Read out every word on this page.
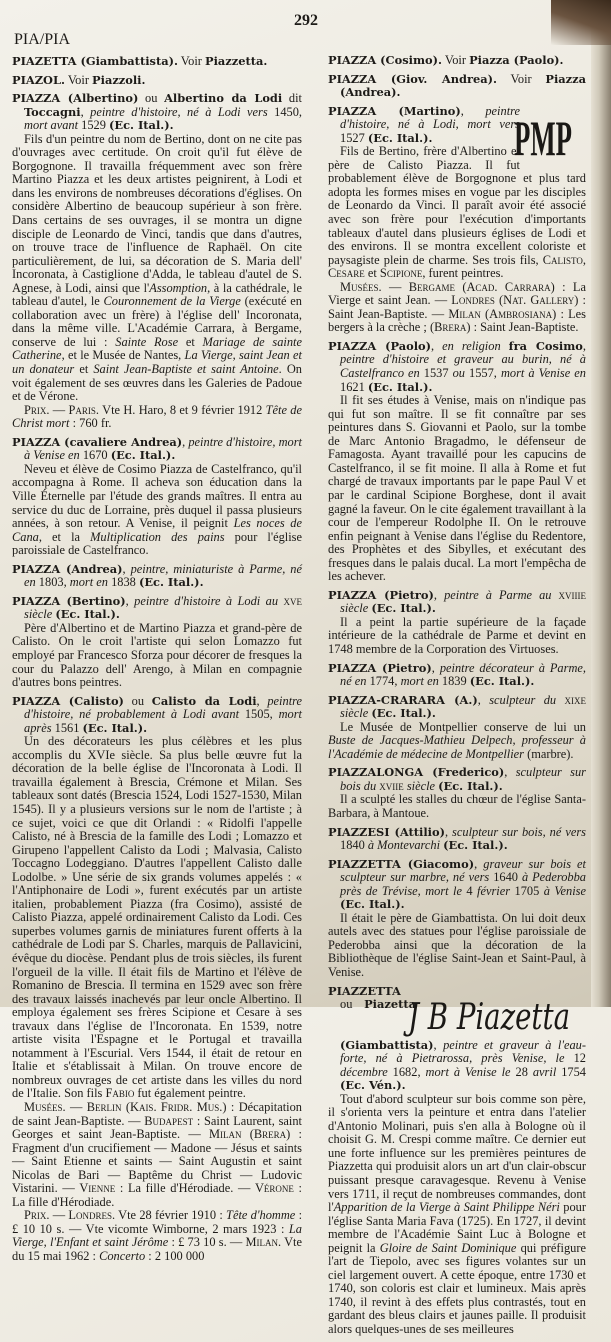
292
PIA/PIA

PIAZETTA (Giambattista). Voir Piazzetta.

PIAZOL. Voir Piazzoli.

PIAZZA (Albertino) ou Albertino da Lodi dit Toccagni, peintre d'histoire, né à Lodi vers 1450, mort avant 1529 (Ec. Ital.).

Fils d'un peintre du nom de Bertino, dont on ne cite pas d'ouvrages avec certitude. On croit qu'il fut élève de Borgognone. Il travailla fréquemment avec son frère Martino Piazza et les deux artistes peignirent, à Lodi et dans les environs de nombreuses décorations d'églises. On considère Albertino de beaucoup supérieur à son frère. Dans certains de ses ouvrages, il se montra un digne disciple de Leonardo de Vinci, tandis que dans d'autres, on trouve trace de l'influence de Raphaël. On cite particulièrement, de lui, sa décoration de S. Maria dell' Incoronata, à Castiglione d'Adda, le tableau d'autel de S. Agnese, à Lodi, ainsi que l'Assomption, à la cathédrale, le tableau d'autel, le Couronnement de la Vierge (exécuté en collaboration avec un frère) à l'église dell' Incoronata, dans la même ville. L'Académie Carrara, à Bergame, conserve de lui : Sainte Rose et Mariage de sainte Catherine, et le Musée de Nantes, La Vierge, saint Jean et un donateur et Saint Jean-Baptiste et saint Antoine. On voit également de ses œuvres dans les Galeries de Padoue et de Vérone.

Prix. — Paris. Vte H. Haro, 8 et 9 février 1912 Tête de Christ mort : 760 fr.

PIAZZA (cavaliere Andrea), peintre d'histoire, mort à Venise en 1670 (Ec. Ital.).

Neveu et élève de Cosimo Piazza de Castelfranco, qu'il accompagna à Rome. Il acheva son éducation dans la Ville Éternelle par l'étude des grands maîtres. Il entra au service du duc de Lorraine, près duquel il passa plusieurs années, à son retour. A Venise, il peignit Les noces de Cana, et la Multiplication des pains pour l'église paroissiale de Castelfranco.

PIAZZA (Andrea), peintre, miniaturiste à Parme, né en 1803, mort en 1838 (Ec. Ital.).

PIAZZA (Bertino), peintre d'histoire à Lodi au xve siècle (Ec. Ital.).

Père d'Albertino et de Martino Piazza et grand-père de Calisto. On le croit l'artiste qui selon Lomazzo fut employé par Francesco Sforza pour décorer de fresques la cour du Palazzo dell' Arengo, à Milan en compagnie d'autres bons peintres.

PIAZZA (Calisto) ou Calisto da Lodi, peintre d'histoire, né probablement à Lodi avant 1505, mort après 1561 (Ec. Ital.).

Un des décorateurs les plus célèbres et les plus accomplis du XVIe siècle. Sa plus belle œuvre fut la décoration de la belle église de l'Incoronata à Lodi. Il travailla également à Brescia, Crémone et Milan. Ses tableaux sont datés (Brescia 1524, Lodi 1527-1530, Milan 1545). Il y a plusieurs versions sur le nom de l'artiste ; à ce sujet, voici ce que dit Orlandi : « Ridolfi l'appelle Calisto, né à Brescia de la famille des Lodi ; Lomazzo et Girupeno l'appellent Calisto da Lodi ; Malvasia, Calisto Toccagno Lodeggiano. D'autres l'appellent Calisto dalle Lodolbe. » Une série de six grands volumes appelés : « l'Antiphonaire de Lodi », furent exécutés par un artiste italien, probablement Piazza (fra Cosimo), assisté de Calisto Piazza, appelé ordinairement Calisto da Lodi. Ces superbes volumes garnis de miniatures furent offerts à la cathédrale de Lodi par S. Charles, marquis de Pallavicini, évêque du diocèse. Pendant plus de trois siècles, ils furent l'orgueil de la ville. Il était fils de Martino et l'élève de Romanino de Brescia. Il termina en 1529 avec son frère des travaux laissés inachevés par leur oncle Albertino. Il employa également ses frères Scipione et Cesare à ses travaux dans l'église de l'Incoronata. En 1539, notre artiste visita l'Espagne et le Portugal et travailla notamment à l'Escurial. Vers 1544, il était de retour en Italie et s'établissait à Milan. On trouve encore de nombreux ouvrages de cet artiste dans les villes du nord de l'Italie. Son fils Fabio fut également peintre.

Musées. — Berlin (Kais. Fridr. Mus.) : Décapitation de saint Jean-Baptiste. — Budapest : Saint Laurent, saint Georges et saint Jean-Baptiste. — Milan (Brera) : Fragment d'un crucifiement — Madone — Jésus et saints — Saint Etienne et saints — Saint Augustin et saint Nicolas de Bari — Baptême du Christ — Ludovic Vistarini. — Vienne : La fille d'Hérodiade. — Vérone : La fille d'Hérodiade.

Prix. — Londres. Vte 28 février 1910 : Tête d'homme : £ 10 10 s. — Vte vicomte Wimborne, 2 mars 1923 : La Vierge, l'Enfant et saint Jérôme : £ 73 10 s. — Milan. Vte du 15 mai 1962 : Concerto : 2 100 000

PIAZZA (Cosimo). Voir Piazza (Paolo).

PIAZZA (Giov. Andrea). Voir Piazza (Andrea).

PMP
PIAZZA (Martino), peintre d'histoire, né à Lodi, mort vers 1527 (Ec. Ital.).

Fils de Bertino, frère d'Albertino et père de Calisto Piazza. Il fut probablement élève de Borgognone et plus tard adopta les formes mises en vogue par les disciples de Leonardo da Vinci. Il paraît avoir été associé avec son frère pour l'exécution d'importants tableaux d'autel dans plusieurs églises de Lodi et des environs. Il se montra excellent coloriste et paysagiste plein de charme. Ses trois fils, Calisto, Cesare et Scipione, furent peintres.

Musées. — Bergame (Acad. Carrara) : La Vierge et saint Jean. — Londres (Nat. Gallery) : Saint Jean-Baptiste. — Milan (Ambrosiana) : Les bergers à la crèche ; (Brera) : Saint Jean-Baptiste.

PIAZZA (Paolo), en religion fra Cosimo, peintre d'histoire et graveur au burin, né à Castelfranco en 1537 ou 1557, mort à Venise en 1621 (Ec. Ital.).

Il fit ses études à Venise, mais on n'indique pas qui fut son maître. Il se fit connaître par ses peintures dans S. Giovanni et Paolo, sur la tombe de Marc Antonio Bragadmo, le défenseur de Famagosta. Ayant travaillé pour les capucins de Castelfranco, il se fit moine. Il alla à Rome et fut chargé de travaux importants par le pape Paul V et par le cardinal Scipione Borghese, dont il avait gagné la faveur. On le cite également travaillant à la cour de l'empereur Rodolphe II. On le retrouve enfin peignant à Venise dans l'église du Redentore, des Prophètes et des Sibylles, et exécutant des fresques dans le palais ducal. La mort l'empêcha de les achever.

PIAZZA (Pietro), peintre à Parme au xviiie siècle (Ec. Ital.).

Il a peint la partie supérieure de la façade intérieure de la cathédrale de Parme et devint en 1748 membre de la Corporation des Virtuoses.

PIAZZA (Pietro), peintre décorateur à Parme, né en 1774, mort en 1839 (Ec. Ital.).

PIAZZA-CRARARA (A.), sculpteur du xixe siècle (Ec. Ital.).

Le Musée de Montpellier conserve de lui un Buste de Jacques-Mathieu Delpech, professeur à l'Académie de médecine de Montpellier (marbre).

PIAZZALONGA (Frederico), sculpteur sur bois du xviie siècle (Ec. Ital.).

Il a sculpté les stalles du chœur de l'église Santa-Barbara, à Mantoue.

PIAZZESI (Attilio), sculpteur sur bois, né vers 1840 à Montevarchi (Ec. Ital.).

PIAZZETTA (Giacomo), graveur sur bois et sculpteur sur marbre, né vers 1640 à Pederobba près de Trévise, mort le 4 février 1705 à Venise (Ec. Ital.).

Il était le père de Giambattista. On lui doit deux autels avec des statues pour l'église paroissiale de Pederobba ainsi que la décoration de la Bibliothèque de l'église Saint-Jean et Saint-Paul, à Venise.

J B Piazetta
PIAZZETTA ou Piazetta (Giambattista), peintre et graveur à l'eau-forte, né à Pietrarossa, près Venise, le 12 décembre 1682, mort à Venise le 28 avril 1754 (Ec. Vén.).

Tout d'abord sculpteur sur bois comme son père, il s'orienta vers la peinture et entra dans l'atelier d'Antonio Molinari, puis s'en alla à Bologne où il choisit G. M. Crespi comme maître. Ce dernier eut une forte influence sur les premières peintures de Piazzetta qui produisit alors un art d'un clair-obscur puissant presque caravagesque. Revenu à Venise vers 1711, il reçut de nombreuses commandes, dont l'Apparition de la Vierge à Saint Philippe Néri pour l'église Santa Maria Fava (1725). En 1727, il devint membre de l'Académie Saint Luc à Bologne et peignit la Gloire de Saint Dominique qui préfigure l'art de Tiepolo, avec ses figures volantes sur un ciel largement ouvert. A cette époque, entre 1730 et 1740, son coloris est clair et lumineux. Mais après 1740, il revint à des effets plus contrastés, tout en gardant des bleus clairs et jaunes paille. Il produisit alors quelques-unes de ses meilleures
